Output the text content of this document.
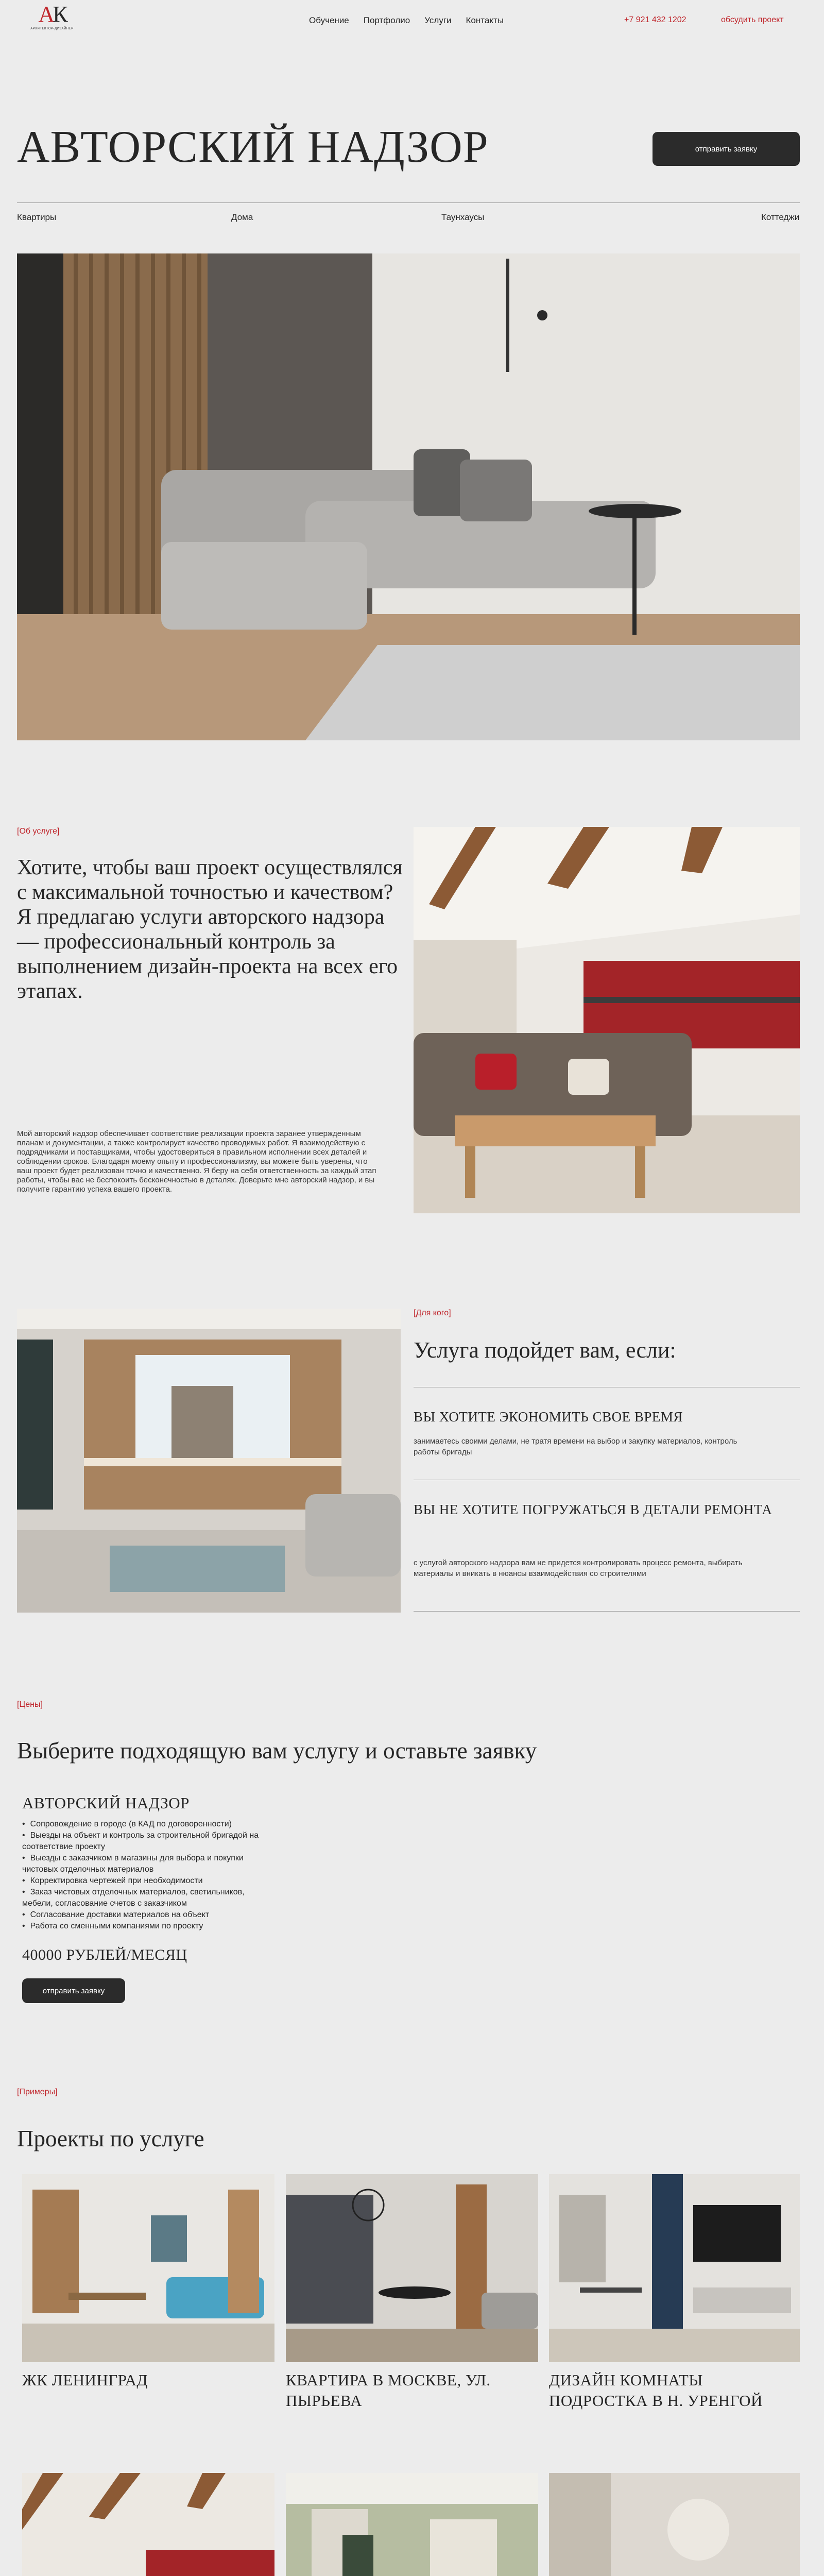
АК
АРХИТЕКТОР-ДИЗАЙНЕР
Обучение Портфолио Услуги Контакты	+7 921 432 1202	обсудить проект
АВТОРСКИЙ НАДЗОР	отправить заявку
Квартиры	Дома	Таунхаусы	Коттеджи
[Об услуге]
Хотите, чтобы ваш проект осуществлялся с максимальной точностью и качеством? Я предлагаю услуги авторского надзора — профессиональный контроль за выполнением дизайн-проекта на всех его этапах.

Мой авторский надзор обеспечивает соответствие реализации проекта заранее утвержденным планам и документации, а также контролирует качество проводимых работ. Я взаимодействую с подрядчиками и поставщиками, чтобы удостовериться в правильном исполнении всех деталей и соблюдении сроков. Благодаря моему опыту и профессионализму, вы можете быть уверены, что ваш проект будет реализован точно и качественно. Я беру на себя ответственность за каждый этап работы, чтобы вас не беспокоить бесконечностью в деталях. Доверьте мне авторский надзор, и вы получите гарантию успеха вашего проекта.

[Для кого]
Услуга подойдет вам, если:
ВЫ ХОТИТЕ ЭКОНОМИТЬ СВОЕ ВРЕМЯ
занимаетесь своими делами, не тратя времени на выбор и закупку материалов, контроль работы бригады
ВЫ НЕ ХОТИТЕ ПОГРУЖАТЬСЯ В ДЕТАЛИ РЕМОНТА
с услугой авторского надзора вам не придется контролировать процесс ремонта, выбирать материалы и вникать в нюансы взаимодействия со строителями
[Цены]
Выберите подходящую вам услугу и оставьте заявку
АВТОРСКИЙ НАДЗОР
• Сопровождение в городе (в КАД по договоренности)
• Выезды на объект и контроль за строительной бригадой на соответствие проекту
• Выезды с заказчиком в магазины для выбора и покупки чистовых отделочных материалов
• Корректировка чертежей при необходимости
• Заказ чистовых отделочных материалов, светильников, мебели, согласование счетов с заказчиком
• Согласование доставки материалов на объект
• Работа со сменными компаниями по проекту
40000 РУБЛЕЙ/МЕСЯЦ
отправить заявку
[Примеры]
Проекты по услуге
ЖК ЛЕНИНГРАД	КВАРТИРА В МОСКВЕ, УЛ. ПЫРЬЕВА
ДИЗАЙН КОМНАТЫ ПОДРОСТКА В Н. УРЕНГОЙ
